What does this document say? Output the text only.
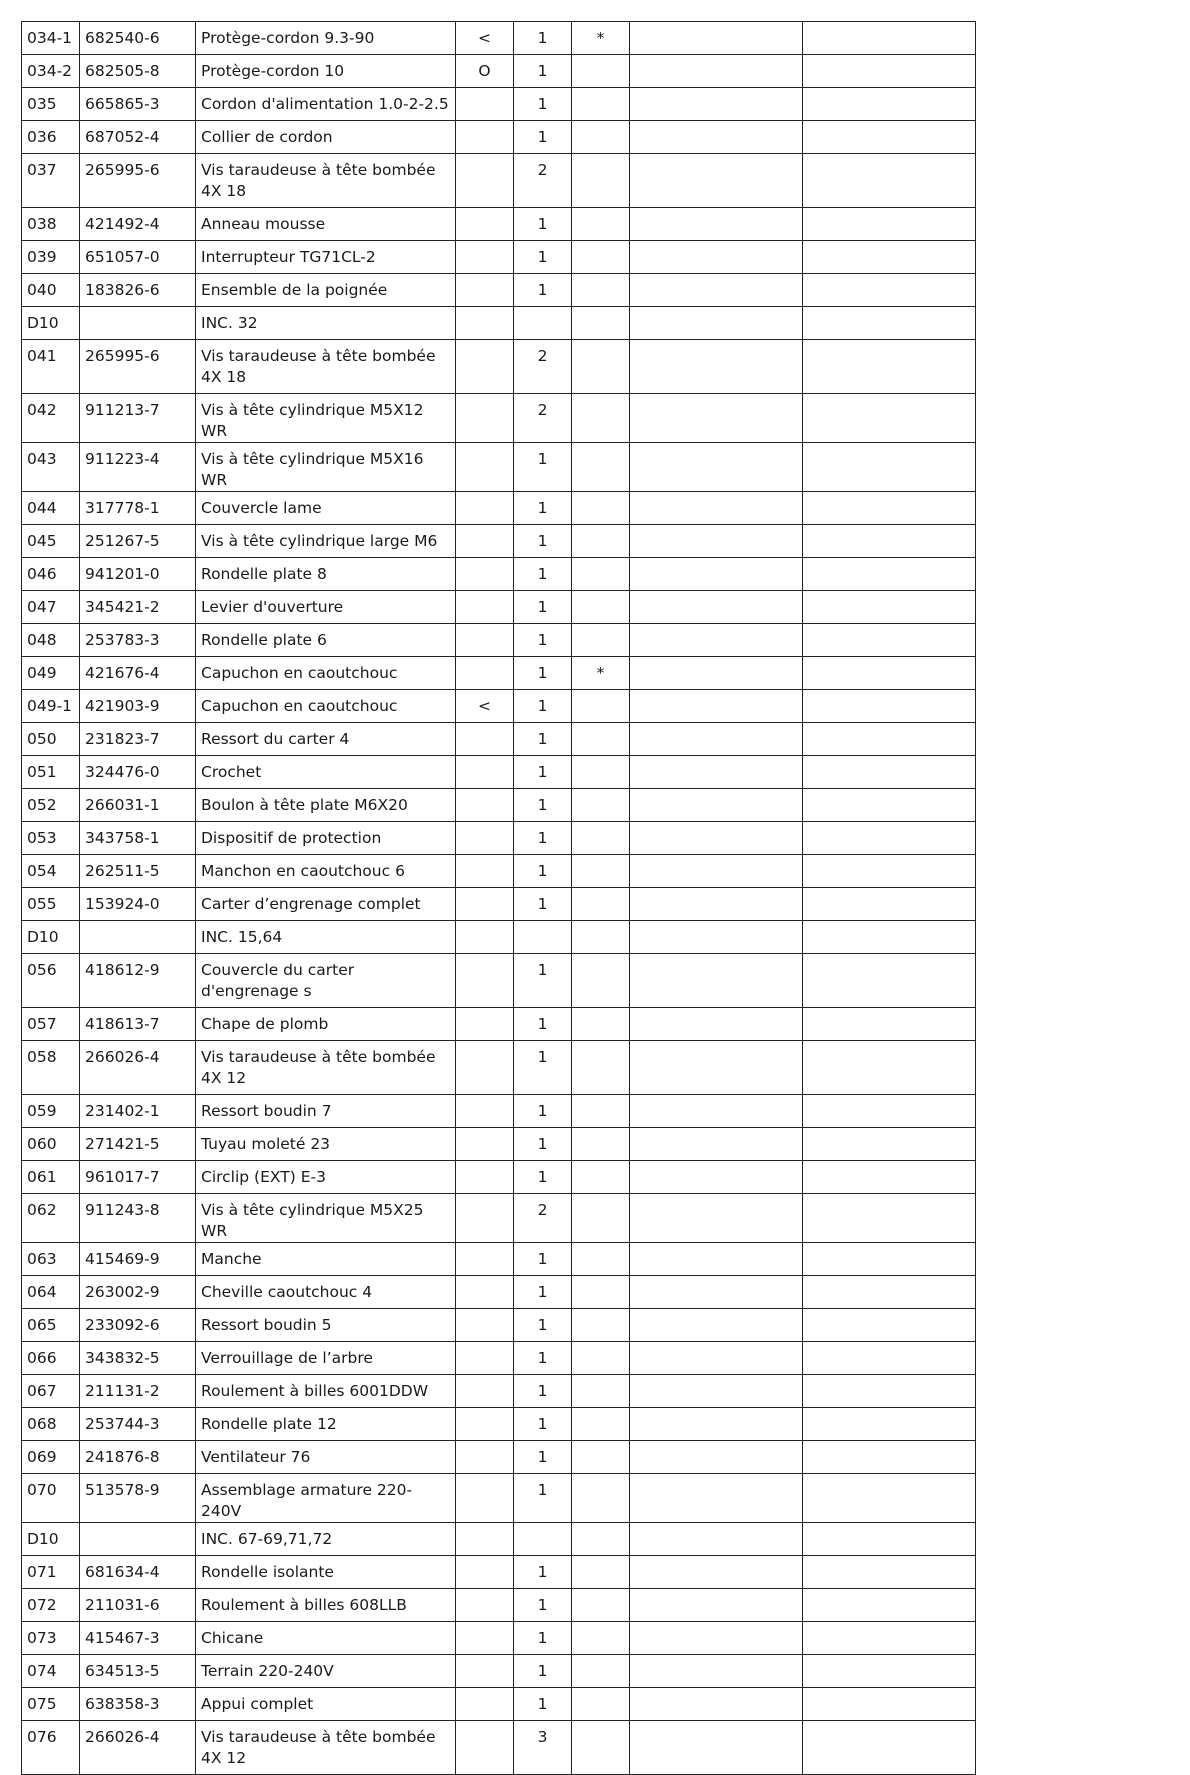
034-1	682540-6	Protège-cordon 9.3-90	<	1	*		
034-2	682505-8	Protège-cordon 10	O	1			
035	665865-3	Cordon d'alimentation 1.0-2-2.5		1			
036	687052-4	Collier de cordon		1			
037	265995-6	Vis taraudeuse à tête bombée 4X 18		2			
038	421492-4	Anneau mousse		1			
039	651057-0	Interrupteur TG71CL-2		1			
040	183826-6	Ensemble de la poignée		1			
D10		INC. 32					
041	265995-6	Vis taraudeuse à tête bombée 4X 18		2			
042	911213-7	Vis à tête cylindrique M5X12 WR		2			
043	911223-4	Vis à tête cylindrique M5X16 WR		1			
044	317778-1	Couvercle lame		1			
045	251267-5	Vis à tête cylindrique large M6		1			
046	941201-0	Rondelle plate 8		1			
047	345421-2	Levier d'ouverture		1			
048	253783-3	Rondelle plate 6		1			
049	421676-4	Capuchon en caoutchouc		1	*		
049-1	421903-9	Capuchon en caoutchouc	<	1			
050	231823-7	Ressort du carter 4		1			
051	324476-0	Crochet		1			
052	266031-1	Boulon à tête plate M6X20		1			
053	343758-1	Dispositif de protection		1			
054	262511-5	Manchon en caoutchouc 6		1			
055	153924-0	Carter d’engrenage complet		1			
D10		INC. 15,64					
056	418612-9	Couvercle du carter d'engrenage s		1			
057	418613-7	Chape de plomb		1			
058	266026-4	Vis taraudeuse à tête bombée 4X 12		1			
059	231402-1	Ressort boudin 7		1			
060	271421-5	Tuyau moleté 23		1			
061	961017-7	Circlip (EXT) E-3		1			
062	911243-8	Vis à tête cylindrique M5X25 WR		2			
063	415469-9	Manche		1			
064	263002-9	Cheville caoutchouc 4		1			
065	233092-6	Ressort boudin 5		1			
066	343832-5	Verrouillage de l’arbre		1			
067	211131-2	Roulement à billes 6001DDW		1			
068	253744-3	Rondelle plate 12		1			
069	241876-8	Ventilateur 76		1			
070	513578-9	Assemblage armature 220-240V		1			
D10		INC. 67-69,71,72					
071	681634-4	Rondelle isolante		1			
072	211031-6	Roulement à billes 608LLB		1			
073	415467-3	Chicane		1			
074	634513-5	Terrain 220-240V		1			
075	638358-3	Appui complet		1			
076	266026-4	Vis taraudeuse à tête bombée 4X 12		3			
